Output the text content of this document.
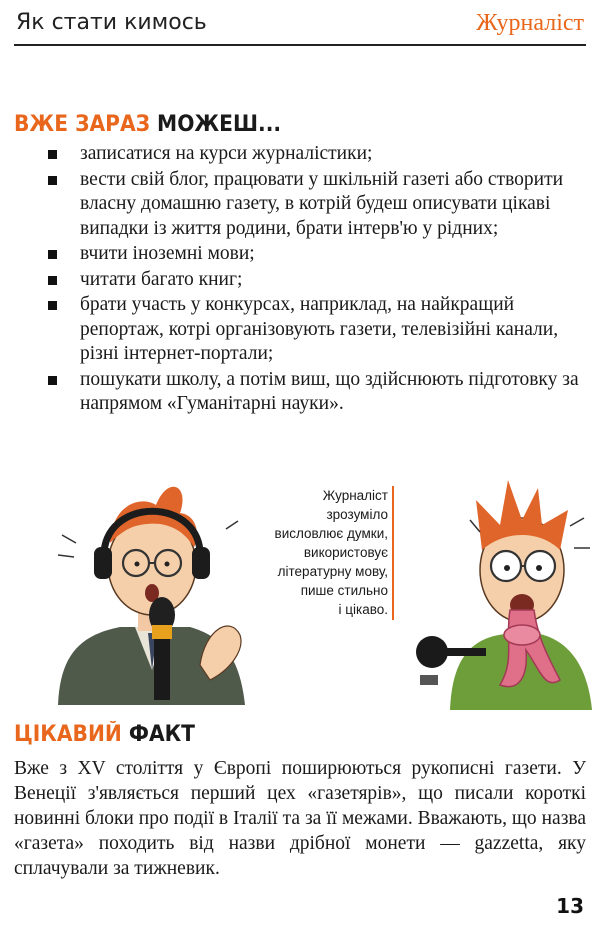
Як стати кимось	Журналіст
ВЖЕ ЗАРАЗ МОЖЕШ...
записатися на курси журналістики;
вести свій блог, працювати у шкільній газеті або створити власну домашню газету, в котрій будеш описувати цікаві випадки із життя родини, брати інтерв'ю у рідних;
вчити іноземні мови;
читати багато книг;
брати участь у конкурсах, наприклад, на найкращий репортаж, котрі організовують газети, телевізійні канали, різні інтернет-портали;
пошукати школу, а потім виш, що здійснюють підготовку за напрямом «Гуманітарні науки».
Журналіст
зрозуміло
висловлює думки,
використовує
літературну мову,
пише стильно
і цікаво.
ЦІКАВИЙ ФАКТ
Вже з XV століття у Європі поширюються рукописні газети. У Венеції з'являється перший цех «газетярів», що писали короткі новинні блоки про події в Італії та за її межами. Вважають, що назва «газета» походить від назви дрібної монети — gazzetta, яку сплачували за тижневик.
13
